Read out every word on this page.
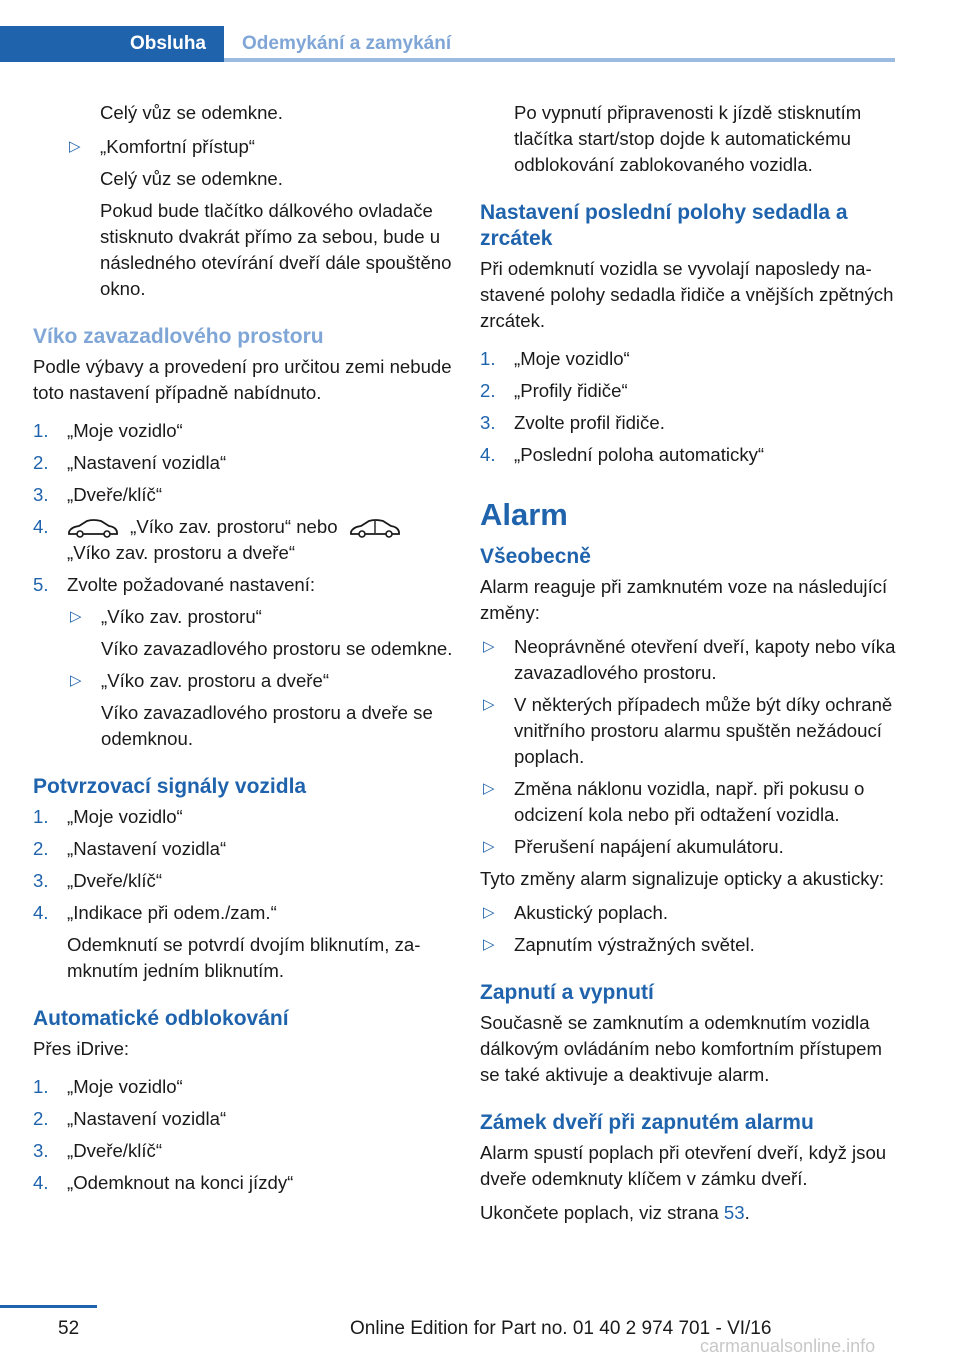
Obsluha Odemykání a zamykání
Celý vůz se odemkne.
▷ „Komfortní přístup“
Celý vůz se odemkne.
Pokud bude tlačítko dálkového ovladače stisknuto dvakrát přímo za sebou, bude u následného otevírání dveří dále spouštěno okno.
Víko zavazadlového prostoru
Podle výbavy a provedení pro určitou zemi nebude toto nastavení případně nabídnuto.
1. „Moje vozidlo“
2. „Nastavení vozidla“
3. „Dveře/klíč“
4.	„Víko zav. prostoru“ nebo
„Víko zav. prostoru a dveře“
5. Zvolte požadované nastavení:
▷ „Víko zav. prostoru“
Víko zavazadlového prostoru se odemkne.
▷ „Víko zav. prostoru a dveře“
Víko zavazadlového prostoru a dveře se odemknou.
Potvrzovací signály vozidla
1. „Moje vozidlo“
2. „Nastavení vozidla“
3. „Dveře/klíč“
4. „Indikace při odem./zam.“
Odemknutí se potvrdí dvojím bliknutím, zamknutím jedním bliknutím.
Automatické odblokování
Přes iDrive:
1. „Moje vozidlo“
2. „Nastavení vozidla“
3. „Dveře/klíč“
4. „Odemknout na konci jízdy“
Po vypnutí připravenosti k jízdě stisknutím tlačítka start/stop dojde k automatickému odblokování zablokovaného vozidla.
Nastavení poslední polohy sedadla a zrcátek
Při odemknutí vozidla se vyvolají naposledy nastavené polohy sedadla řidiče a vnějších zpětných zrcátek.
1. „Moje vozidlo“
2. „Profily řidiče“
3. Zvolte profil řidiče.
4. „Poslední poloha automaticky“
Alarm
Všeobecně
Alarm reaguje při zamknutém voze na následující změny:
▷ Neoprávněné otevření dveří, kapoty nebo víka zavazadlového prostoru.
▷ V některých případech může být díky ochraně vnitřního prostoru alarmu spuštěn nežádoucí poplach.
▷ Změna náklonu vozidla, např. při pokusu o odcizení kola nebo při odtažení vozidla.
▷ Přerušení napájení akumulátoru.
Tyto změny alarm signalizuje opticky a akusticky:
▷ Akustický poplach.
▷ Zapnutím výstražných světel.
Zapnutí a vypnutí
Současně se zamknutím a odemknutím vozidla dálkovým ovládáním nebo komfortním přístupem se také aktivuje a deaktivuje alarm.
Zámek dveří při zapnutém alarmu
Alarm spustí poplach při otevření dveří, když jsou dveře odemknuty klíčem v zámku dveří.
Ukončete poplach, viz strana 53.
52	Online Edition for Part no. 01 40 2 974 701 - VI/16
carmanualsonline.info
